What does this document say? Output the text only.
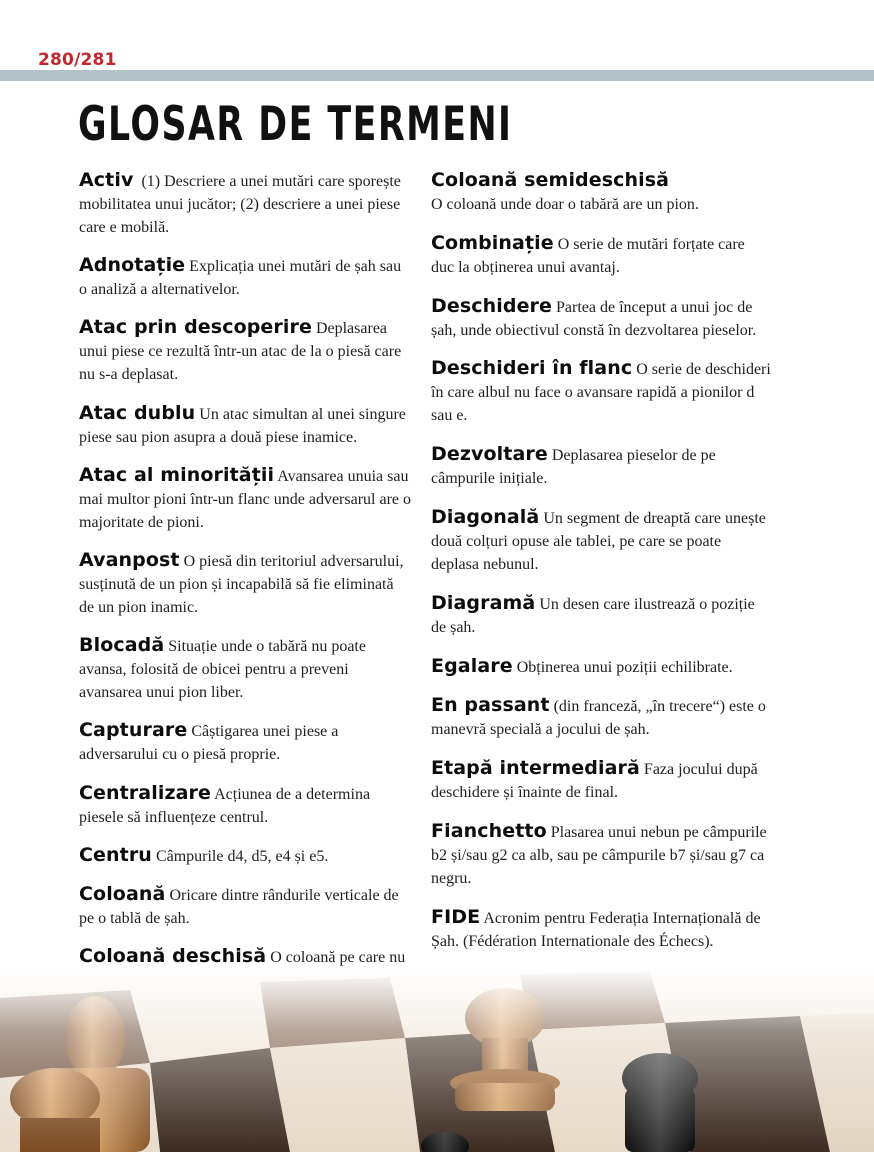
280/281
GLOSAR DE TERMENI

Activ (1) Descriere a unei mutări care sporește mobilitatea unui jucător; (2) descriere a unei piese care e mobilă.

Adnotație Explicația unei mutări de șah sau o analiză a alternativelor.

Atac prin descoperire Deplasarea unui piese ce rezultă într-un atac de la o piesă care nu s-a deplasat.

Atac dublu Un atac simultan al unei singure piese sau pion asupra a două piese inamice.

Atac al minorității Avansarea unuia sau mai multor pioni într-un flanc unde adversarul are o majoritate de pioni.

Avanpost O piesă din teritoriul adversarului, susținută de un pion și incapabilă să fie eliminată de un pion inamic.

Blocadă Situație unde o tabără nu poate avansa, folosită de obicei pentru a preveni avansarea unui pion liber.

Capturare Câștigarea unei piese a adversarului cu o piesă proprie.

Centralizare Acțiunea de a determina piesele să influențeze centrul.

Centru Câmpurile d4, d5, e4 și e5.

Coloană Oricare dintre rândurile verticale de pe o tablă de șah.

Coloană deschisă O coloană pe care nu

Coloană semideschisă
O coloană unde doar o tabără are un pion.

Combinație O serie de mutări forțate care duc la obținerea unui avantaj.

Deschidere Partea de început a unui joc de șah, unde obiectivul constă în dezvoltarea pieselor.

Deschideri în flanc O serie de deschideri în care albul nu face o avansare rapidă a pionilor d sau e.

Dezvoltare Deplasarea pieselor de pe câmpurile inițiale.

Diagonală Un segment de dreaptă care unește două colțuri opuse ale tablei, pe care se poate deplasa nebunul.

Diagramă Un desen care ilustrează o poziție de șah.

Egalare Obținerea unui poziții echilibrate.

En passant (din franceză, „în trecere“) este o manevră specială a jocului de șah.

Etapă intermediară Faza jocului după deschidere și înainte de final.

Fianchetto Plasarea unui nebun pe câmpurile b2 și/sau g2 ca alb, sau pe câmpurile b7 și/sau g7 ca negru.

FIDE Acronim pentru Federația Internațională de Șah. (Fédération Internationale des Échecs).
